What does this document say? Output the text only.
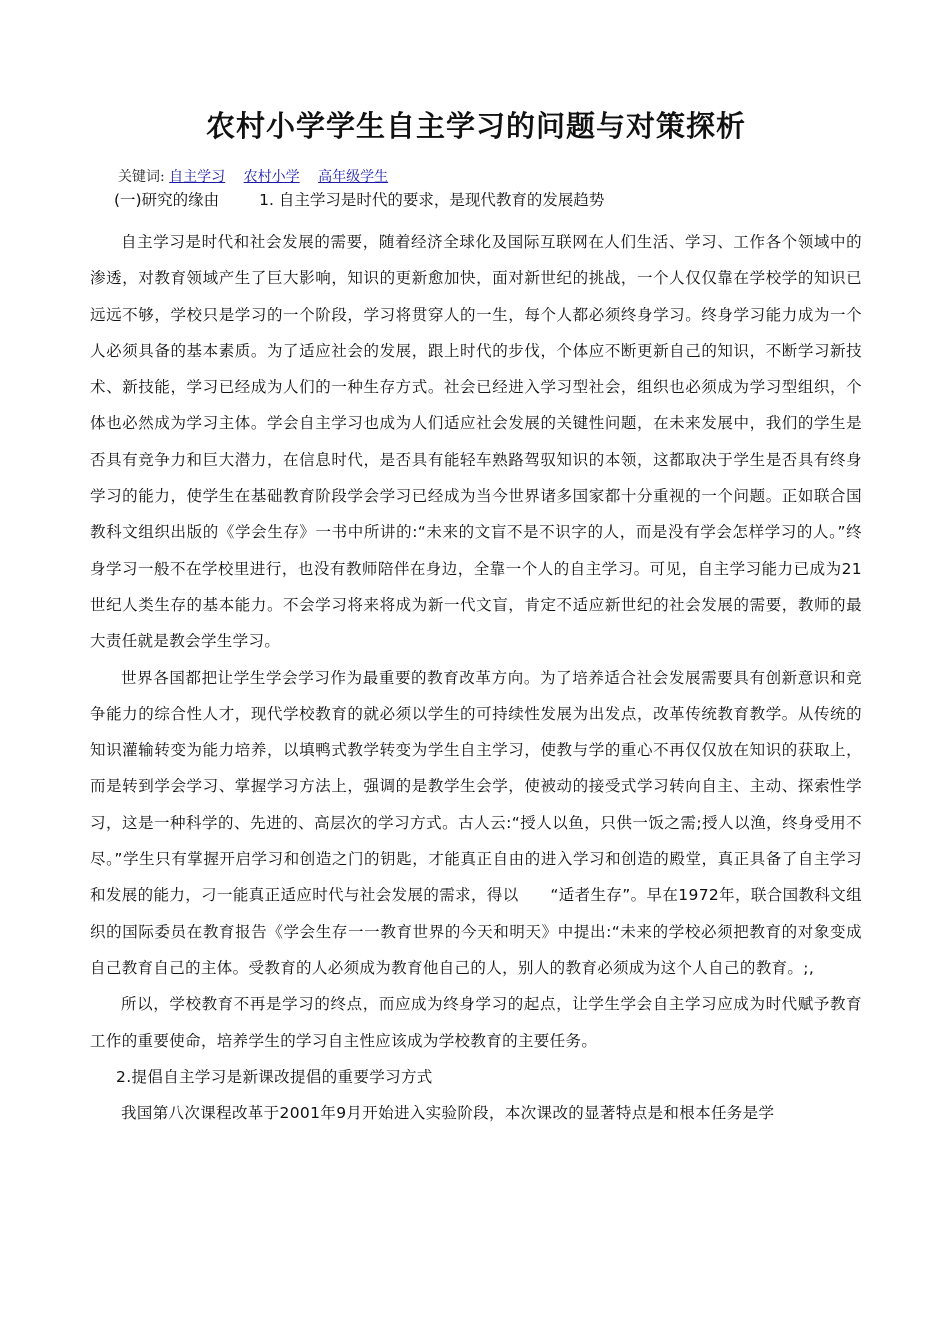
农村小学学生自主学习的问题与对策探析
关键词: 自主学习 农村小学 高年级学生
(一)研究的缘由	1. 自主学习是时代的要求，是现代教育的发展趋势

自主学习是时代和社会发展的需要，随着经济全球化及国际互联网在人们生活、学习、工作各个领域中的渗透，对教育领域产生了巨大影响，知识的更新愈加快，面对新世纪的挑战，一个人仅仅靠在学校学的知识已远远不够，学校只是学习的一个阶段，学习将贯穿人的一生，每个人都必须终身学习。终身学习能力成为一个人必须具备的基本素质。为了适应社会的发展，跟上时代的步伐，个体应不断更新自己的知识，不断学习新技术、新技能，学习已经成为人们的一种生存方式。社会已经进入学习型社会，组织也必须成为学习型组织，个体也必然成为学习主体。学会自主学习也成为人们适应社会发展的关键性问题，在未来发展中，我们的学生是否具有竞争力和巨大潜力，在信息时代，是否具有能轻车熟路驾驭知识的本领，这都取决于学生是否具有终身学习的能力，使学生在基础教育阶段学会学习已经成为当今世界诸多国家都十分重视的一个问题。正如联合国教科文组织出版的《学会生存》一书中所讲的:“未来的文盲不是不识字的人，而是没有学会怎样学习的人。”终身学习一般不在学校里进行，也没有教师陪伴在身边，全靠一个人的自主学习。可见，自主学习能力已成为21世纪人类生存的基本能力。不会学习将来将成为新一代文盲，肯定不适应新世纪的社会发展的需要，教师的最大责任就是教会学生学习。

世界各国都把让学生学会学习作为最重要的教育改革方向。为了培养适合社会发展需要具有创新意识和竞争能力的综合性人才，现代学校教育的就必须以学生的可持续性发展为出发点，改革传统教育教学。从传统的知识灌输转变为能力培养，以填鸭式教学转变为学生自主学习，使教与学的重心不再仅仅放在知识的获取上，而是转到学会学习、掌握学习方法上，强调的是教学生会学，使被动的接受式学习转向自主、主动、探索性学习，这是一种科学的、先进的、高层次的学习方式。古人云:“授人以鱼，只供一饭之需;授人以渔，终身受用不尽。”学生只有掌握开启学习和创造之门的钥匙，才能真正自由的进入学习和创造的殿堂，真正具备了自主学习和发展的能力，刁一能真正适应时代与社会发展的需求，得以　　“适者生存”。早在1972年，联合国教科文组织的国际委员在教育报告《学会生存一一教育世界的今天和明天》中提出:“未来的学校必须把教育的对象变成自己教育自己的主体。受教育的人必须成为教育他自己的人，别人的教育必须成为这个人自己的教育。;,

所以，学校教育不再是学习的终点，而应成为终身学习的起点，让学生学会自主学习应成为时代赋予教育工作的重要使命，培养学生的学习自主性应该成为学校教育的主要任务。

2.提倡自主学习是新课改提倡的重要学习方式

我国第八次课程改革于2001年9月开始进入实验阶段，本次课改的显著特点是和根本任务是学
